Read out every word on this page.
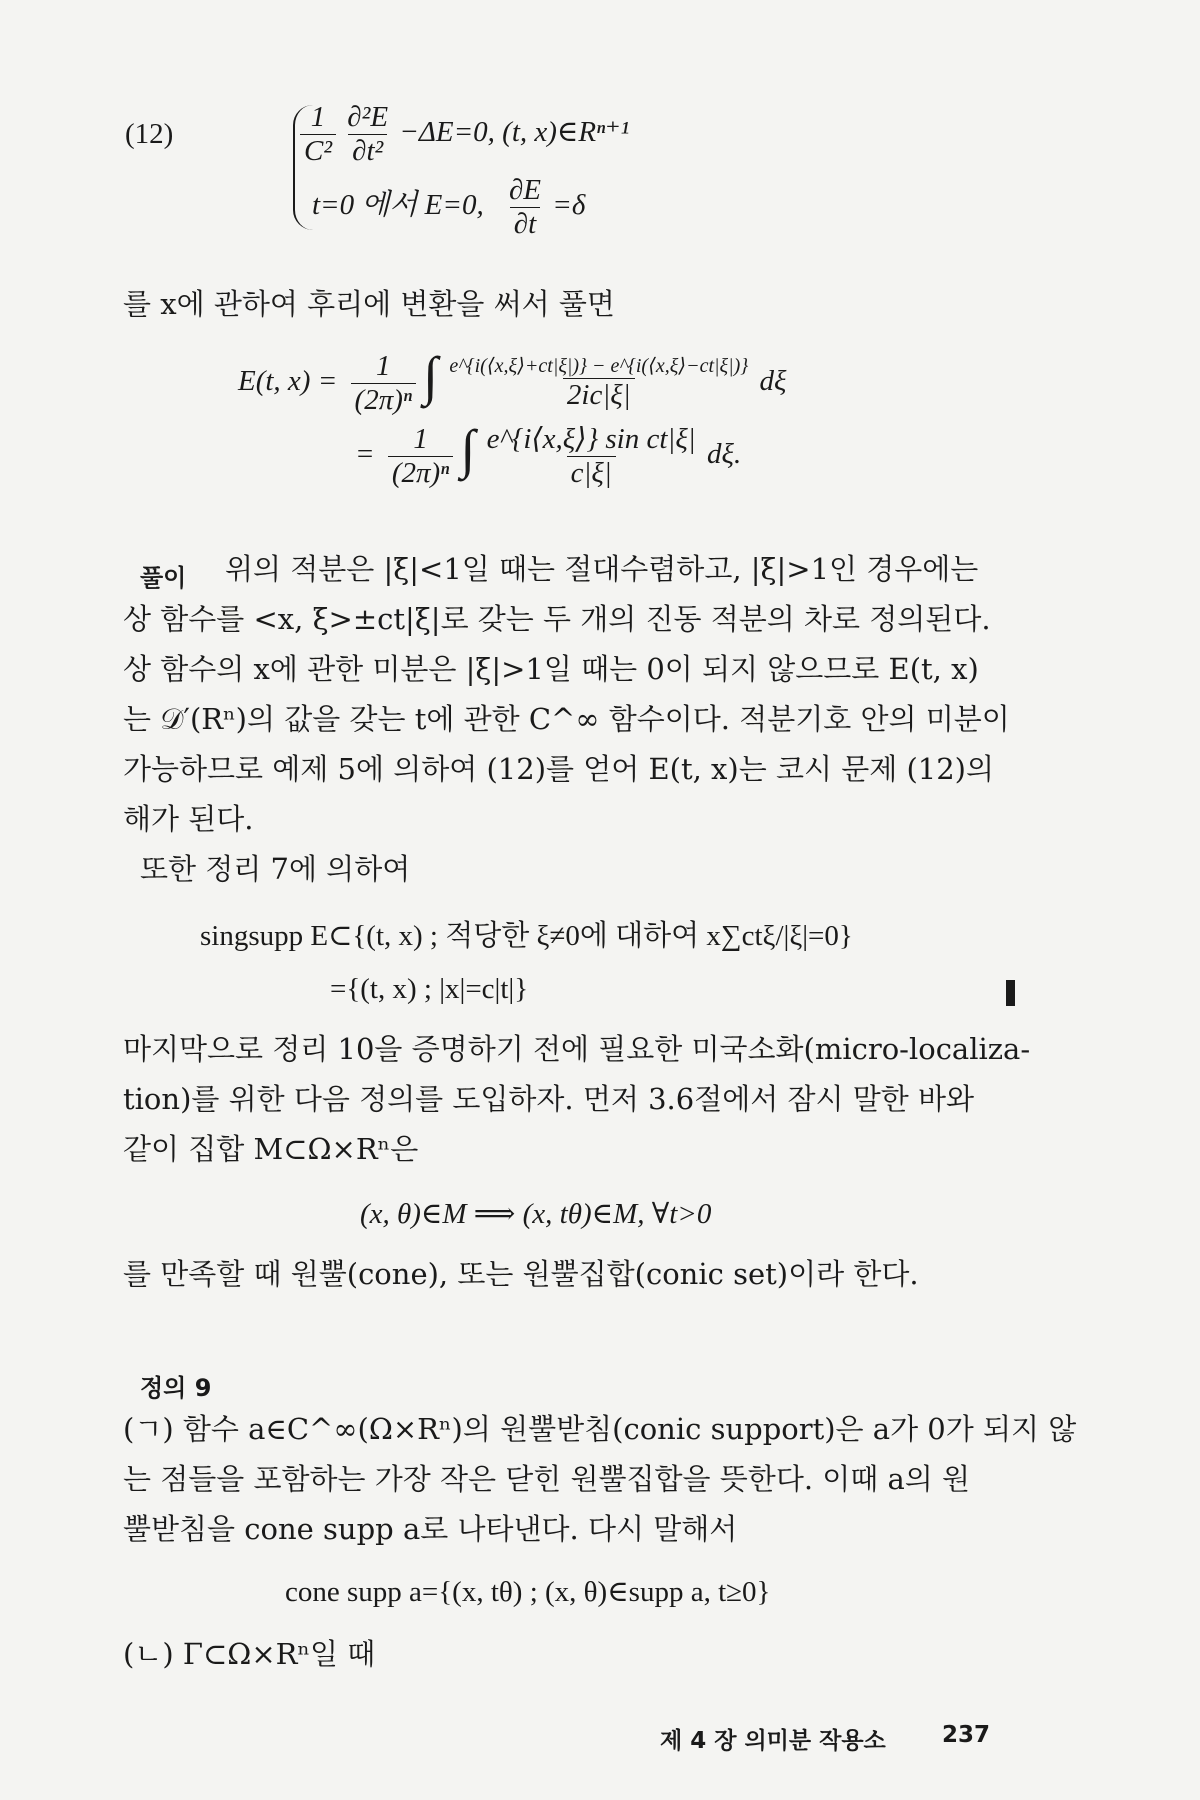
(12)	$\frac{1}{\text{C²}}$
$\frac{\text{∂²E}}{\text{∂t²}} -\Delta E=0$, (t, x)∈Rⁿ⁺¹
t=0 에서 E=0, $\frac{\partial E}{\partial t} =\delta$
를 x에 관하여 후리에 변환을 써서 풀면
E(t, $x) = \frac{1}{\text{(2π)ⁿ}}$ ∫ $\frac{e\^{}\{i(⟨x,\xi⟩+ct|\xi|)\} - e\^{}\{i(⟨x,\xi⟩-ct|\xi|)\}}{2ic|\xi|}$ dξ
= $\frac{1}{\text{(2π)ⁿ}}$ ∫ $\frac{\text{e\textasciicircum{}\{i⟨x,ξ⟩\} sin ct|ξ|}}{c|\xi|} d\xi$.
풀이 위의 적분은 |ξ|<1일 때는 절대수렴하고, |ξ|>1인 경우에는
상 함수를 <x, ξ>±ct|ξ|로 갖는 두 개의 진동 적분의 차로 정의된다.
상 함수의 x에 관한 미분은 |ξ|>1일 때는 0이 되지 않으므로 E(t, x)
는 𝒟′(Rⁿ)의 값을 갖는 t에 관한 C^∞ 함수이다. 적분기호 안의 미분이
가능하므로 예제 5에 의하여 (12)를 얻어 E(t, x)는 코시 문제 (12)의
해가 된다.
또한 정리 7에 의하여
singsupp E⊂{(t, x) ; 적당한 ξ≠0에 대하여 x∑ctξ/|ξ|=0}
={(t, x) ; |x|=c|t|}
마지막으로 정리 10을 증명하기 전에 필요한 미국소화(micro-localiza-
tion)를 위한 다음 정의를 도입하자. 먼저 3.6절에서 잠시 말한 바와
같이 집합 M⊂Ω×Rⁿ은
(x, θ)∈M ⟹ (x, tθ)∈M, ∀t>0
를 만족할 때 원뿔(cone), 또는 원뿔집합(conic set)이라 한다.
정의 9
(ㄱ) 함수 a∈C^∞(Ω×Rⁿ)의 원뿔받침(conic support)은 a가 0가 되지 않
는 점들을 포함하는 가장 작은 닫힌 원뿔집합을 뜻한다. 이때 a의 원
뿔받침을 cone supp a로 나타낸다. 다시 말해서
cone supp a={(x, tθ) ; (x, θ)∈supp a, t≥0}
(ㄴ) Γ⊂Ω×Rⁿ일 때
제 4 장 의미분 작용소 237
